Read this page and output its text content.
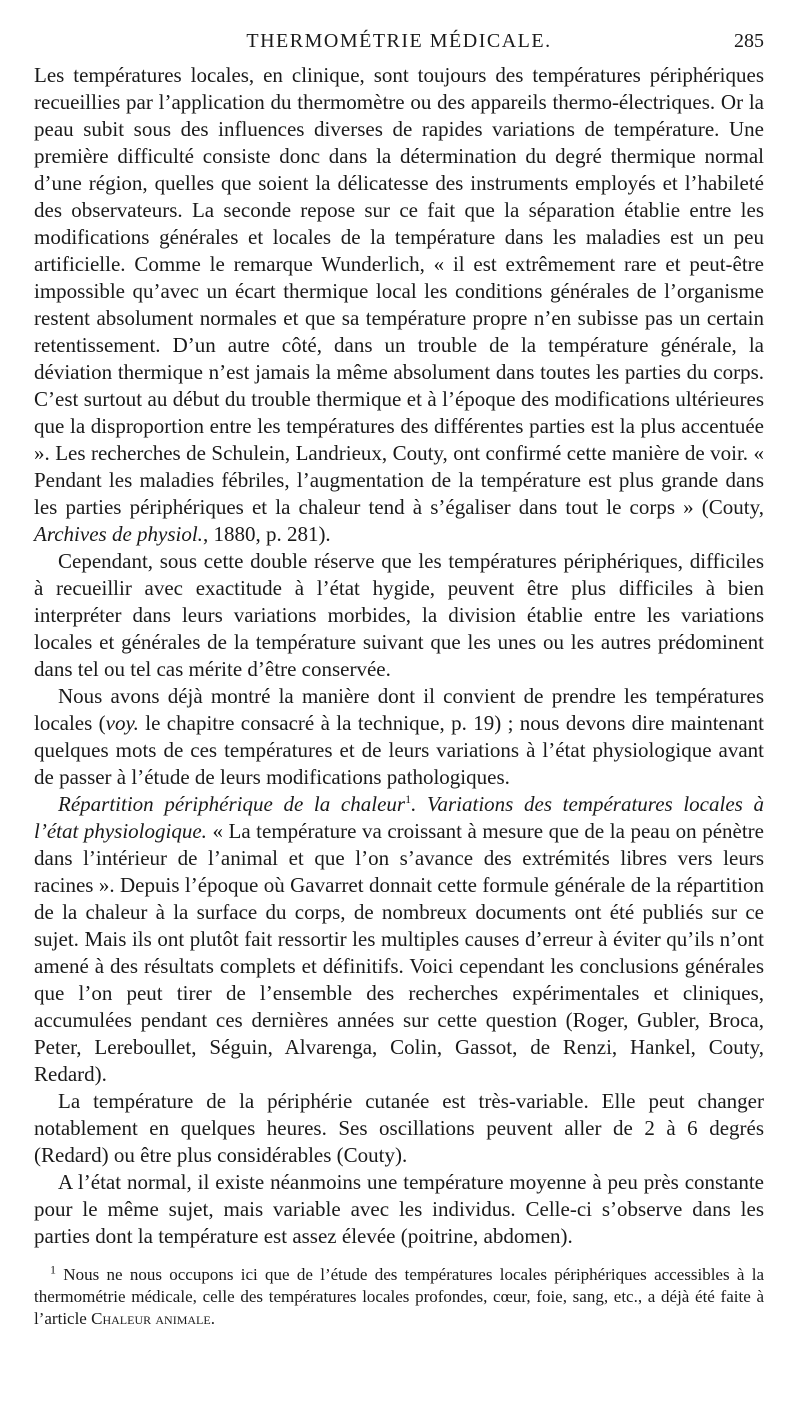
THERMOMÉTRIE MÉDICALE.	285

Les températures locales, en clinique, sont toujours des températures périphériques recueillies par l’application du thermomètre ou des appareils thermo-électriques. Or la peau subit sous des influences diverses de rapides variations de température. Une première difficulté consiste donc dans la détermination du degré thermique normal d’une région, quelles que soient la délicatesse des instruments employés et l’habileté des observateurs. La seconde repose sur ce fait que la séparation établie entre les modifications générales et locales de la température dans les maladies est un peu artificielle. Comme le remarque Wunderlich, « il est extrêmement rare et peut-être impossible qu’avec un écart thermique local les conditions générales de l’organisme restent absolument normales et que sa température propre n’en subisse pas un certain retentissement. D’un autre côté, dans un trouble de la température générale, la déviation thermique n’est jamais la même absolument dans toutes les parties du corps. C’est surtout au début du trouble thermique et à l’époque des modifications ultérieures que la disproportion entre les températures des différentes parties est la plus accentuée ». Les recherches de Schulein, Landrieux, Couty, ont confirmé cette manière de voir. « Pendant les maladies fébriles, l’augmentation de la température est plus grande dans les parties périphériques et la chaleur tend à s’égaliser dans tout le corps » (Couty, Archives de physiol., 1880, p. 281).

Cependant, sous cette double réserve que les températures périphériques, difficiles à recueillir avec exactitude à l’état hygide, peuvent être plus difficiles à bien interpréter dans leurs variations morbides, la division établie entre les variations locales et générales de la température suivant que les unes ou les autres prédominent dans tel ou tel cas mérite d’être conservée.

Nous avons déjà montré la manière dont il convient de prendre les températures locales (voy. le chapitre consacré à la technique, p. 19) ; nous devons dire maintenant quelques mots de ces températures et de leurs variations à l’état physiologique avant de passer à l’étude de leurs modifications pathologiques.

Répartition périphérique de la chaleur$^1$. Variations des températures locales à l’état physiologique. « La température va croissant à mesure que de la peau on pénètre dans l’intérieur de l’animal et que l’on s’avance des extrémités libres vers leurs racines ». Depuis l’époque où Gavarret donnait cette formule générale de la répartition de la chaleur à la surface du corps, de nombreux documents ont été publiés sur ce sujet. Mais ils ont plutôt fait ressortir les multiples causes d’erreur à éviter qu’ils n’ont amené à des résultats complets et définitifs. Voici cependant les conclusions générales que l’on peut tirer de l’ensemble des recherches expérimentales et cliniques, accumulées pendant ces dernières années sur cette question (Roger, Gubler, Broca, Peter, Lereboullet, Séguin, Alvarenga, Colin, Gassot, de Renzi, Hankel, Couty, Redard).

La température de la périphérie cutanée est très-variable. Elle peut changer notablement en quelques heures. Ses oscillations peuvent aller de 2 à 6 degrés (Redard) ou être plus considérables (Couty).

A l’état normal, il existe néanmoins une température moyenne à peu près constante pour le même sujet, mais variable avec les individus. Celle-ci s’observe dans les parties dont la température est assez élevée (poitrine, abdomen).

$^1$ Nous ne nous occupons ici que de l’étude des températures locales périphériques accessibles à la thermométrie médicale, celle des températures locales profondes, cœur, foie, sang, etc., a déjà été faite à l’article Chaleur animale.
